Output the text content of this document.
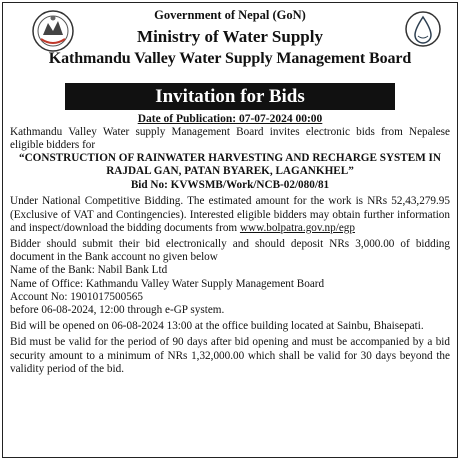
Government of Nepal (GoN)
Ministry of Water Supply
Kathmandu Valley Water Supply Management Board
Invitation for Bids
Date of Publication: 07-07-2024 00:00

Kathmandu Valley Water supply Management Board invites electronic bids from Nepalese eligible bidders for

“CONSTRUCTION OF RAINWATER HARVESTING AND RECHARGE SYSTEM IN RAJDAL GAN, PATAN BYAREK, LAGANKHEL”
Bid No: KVWSMB/Work/NCB-02/080/81

Under National Competitive Bidding. The estimated amount for the work is NRs 52,43,279.95 (Exclusive of VAT and Contingencies). Interested eligible bidders may obtain further information and inspect/download the bidding documents from www.bolpatra.gov.np/egp

Bidder should submit their bid electronically and should deposit NRs 3,000.00 of bidding document in the Bank account no given below

Name of the Bank: Nabil Bank Ltd

Name of Office: Kathmandu Valley Water Supply Management Board

Account No: 1901017500565

before 06-08-2024, 12:00 through e-GP system.

Bid will be opened on 06-08-2024 13:00 at the office building located at Sainbu, Bhaisepati.

Bid must be valid for the period of 90 days after bid opening and must be accompanied by a bid security amount to a minimum of NRs 1,32,000.00 which shall be valid for 30 days beyond the validity period of the bid.
